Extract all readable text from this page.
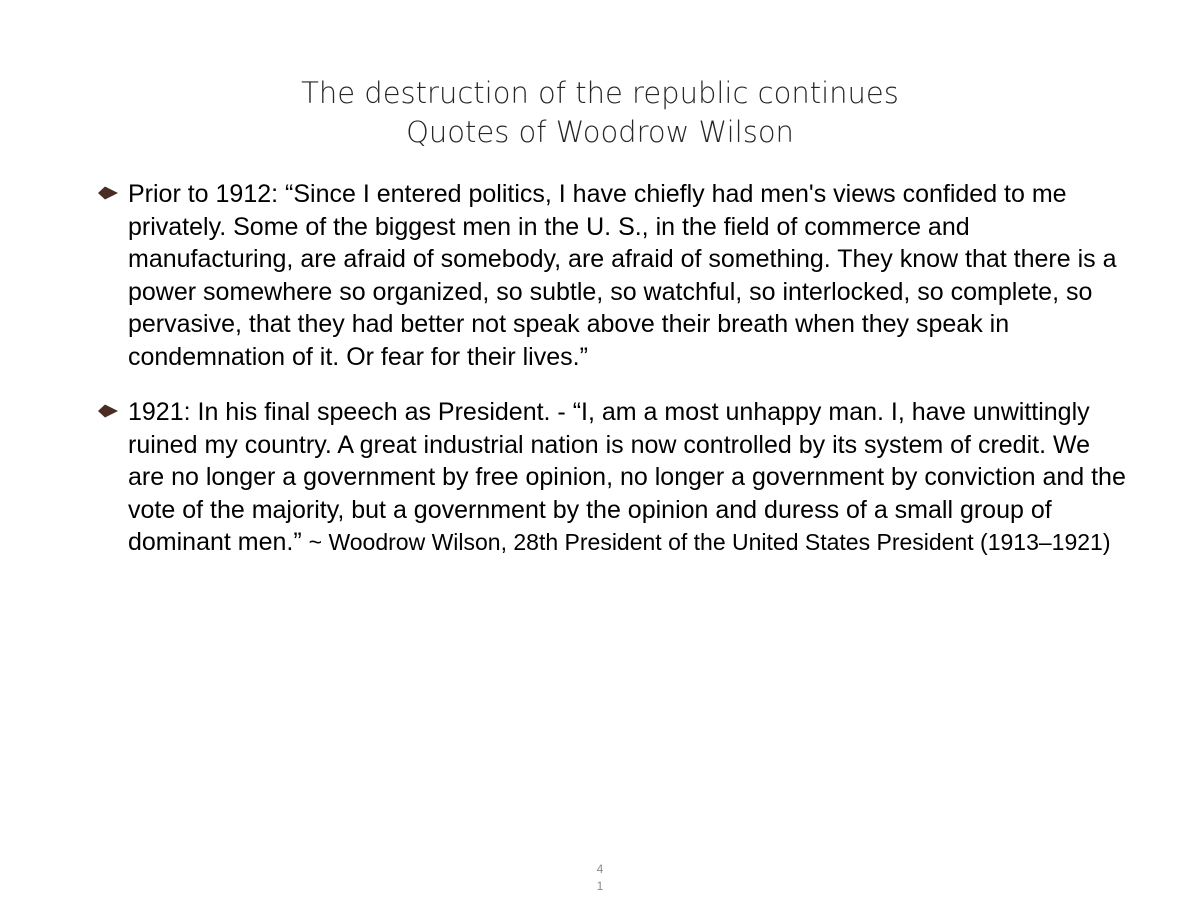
The destruction of the republic continues
Quotes of Woodrow Wilson
Prior to 1912: “Since I entered politics, I have chiefly had men's views confided to me privately. Some of the biggest men in the U. S., in the field of commerce and manufacturing, are afraid of somebody, are afraid of something. They know that there is a power somewhere so organized, so subtle, so watchful, so interlocked, so complete, so pervasive, that they had better not speak above their breath when they speak in condemnation of it. Or fear for their lives.”
1921: In his final speech as President. - “I, am a most unhappy man. I, have unwittingly ruined my country. A great industrial nation is now controlled by its system of credit. We are no longer a government by free opinion, no longer a government by conviction and the vote of the majority, but a government by the opinion and duress of a small group of dominant men.” ~ Woodrow Wilson, 28th President of the United States President (1913–1921)
4
1
